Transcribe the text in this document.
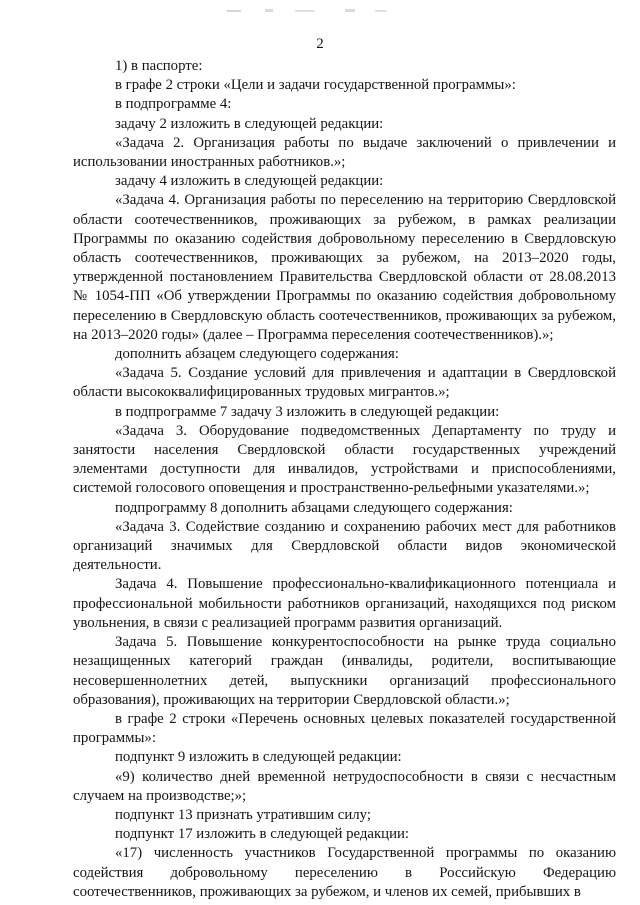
2

1) в паспорте:

в графе 2 строки «Цели и задачи государственной программы»:

в подпрограмме 4:

задачу 2 изложить в следующей редакции:

«Задача 2. Организация работы по выдаче заключений о привлечении и использовании иностранных работников.»;

задачу 4 изложить в следующей редакции:

«Задача 4. Организация работы по переселению на территорию Свердловской области соотечественников, проживающих за рубежом, в рамках реализации Программы по оказанию содействия добровольному переселению в Свердловскую область соотечественников, проживающих за рубежом, на 2013–2020 годы, утвержденной постановлением Правительства Свердловской области от 28.08.2013 № 1054-ПП «Об утверждении Программы по оказанию содействия добровольному переселению в Свердловскую область соотечественников, проживающих за рубежом, на 2013–2020 годы» (далее – Программа переселения соотечественников).»;

дополнить абзацем следующего содержания:

«Задача 5. Создание условий для привлечения и адаптации в Свердловской области высококвалифицированных трудовых мигрантов.»;

в подпрограмме 7 задачу 3 изложить в следующей редакции:

«Задача 3. Оборудование подведомственных Департаменту по труду и занятости населения Свердловской области государственных учреждений элементами доступности для инвалидов, устройствами и приспособлениями, системой голосового оповещения и пространственно-рельефными указателями.»;

подпрограмму 8 дополнить абзацами следующего содержания:

«Задача 3. Содействие созданию и сохранению рабочих мест для работников организаций значимых для Свердловской области видов экономической деятельности.

Задача 4. Повышение профессионально-квалификационного потенциала и профессиональной мобильности работников организаций, находящихся под риском увольнения, в связи с реализацией программ развития организаций.

Задача 5. Повышение конкурентоспособности на рынке труда социально незащищенных категорий граждан (инвалиды, родители, воспитывающие несовершеннолетних детей, выпускники организаций профессионального образования), проживающих на территории Свердловской области.»;

в графе 2 строки «Перечень основных целевых показателей государственной программы»:

подпункт 9 изложить в следующей редакции:

«9) количество дней временной нетрудоспособности в связи с несчастным случаем на производстве;»;

подпункт 13 признать утратившим силу;

подпункт 17 изложить в следующей редакции:

«17) численность участников Государственной программы по оказанию содействия добровольному переселению в Российскую Федерацию соотечественников, проживающих за рубежом, и членов их семей, прибывших в
